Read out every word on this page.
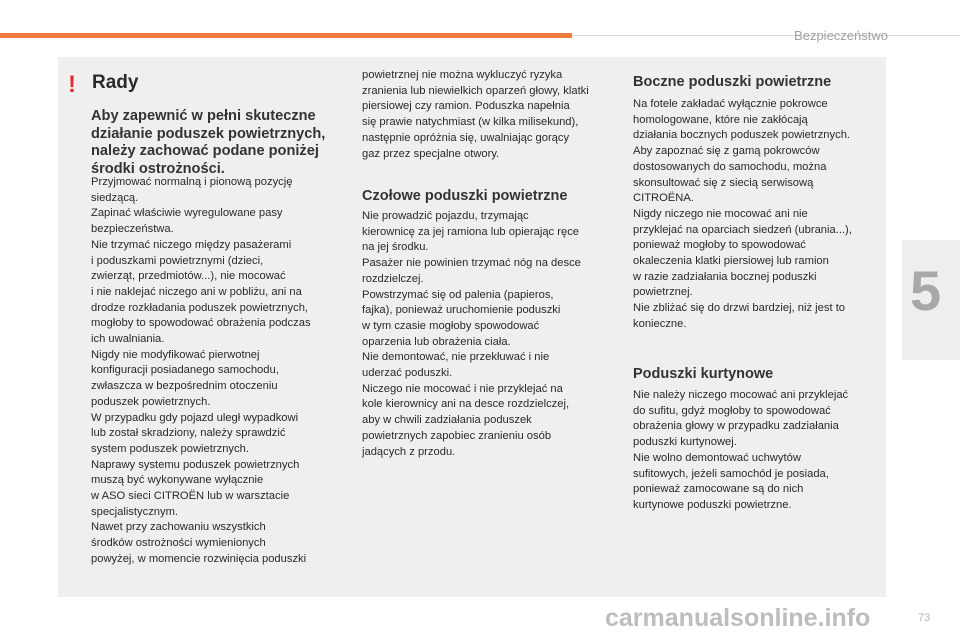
Bezpieczeństwo
5
! Rady
Aby zapewnić w pełni skuteczne działanie poduszek powietrznych, należy zachować podane poniżej środki ostrożności.

Przyjmować normalną i pionową pozycję

siedzącą.

Zapinać właściwie wyregulowane pasy

bezpieczeństwa.

Nie trzymać niczego między pasażerami

i poduszkami powietrznymi (dzieci,

zwierząt, przedmiotów...), nie mocować

i nie naklejać niczego ani w pobliżu, ani na

drodze rozkładania poduszek powietrznych,

mogłoby to spowodować obrażenia podczas

ich uwalniania.

Nigdy nie modyfikować pierwotnej

konfiguracji posiadanego samochodu,

zwłaszcza w bezpośrednim otoczeniu

poduszek powietrznych.

W przypadku gdy pojazd uległ wypadkowi

lub został skradziony, należy sprawdzić

system poduszek powietrznych.

Naprawy systemu poduszek powietrznych

muszą być wykonywane wyłącznie

w ASO sieci CITROËN lub w warsztacie

specjalistycznym.

Nawet przy zachowaniu wszystkich

środków ostrożności wymienionych

powyżej, w momencie rozwinięcia poduszki

powietrznej nie można wykluczyć ryzyka

zranienia lub niewielkich oparzeń głowy, klatki

piersiowej czy ramion. Poduszka napełnia

się prawie natychmiast (w kilka milisekund),

następnie opróżnia się, uwalniając gorący

gaz przez specjalne otwory.

Czołowe poduszki powietrzne

Nie prowadzić pojazdu, trzymając

kierownicę za jej ramiona lub opierając ręce

na jej środku.

Pasażer nie powinien trzymać nóg na desce

rozdzielczej.

Powstrzymać się od palenia (papieros,

fajka), ponieważ uruchomienie poduszki

w tym czasie mogłoby spowodować

oparzenia lub obrażenia ciała.

Nie demontować, nie przekłuwać i nie

uderzać poduszki.

Niczego nie mocować i nie przyklejać na

kole kierownicy ani na desce rozdzielczej,

aby w chwili zadziałania poduszek

powietrznych zapobiec zranieniu osób

jadących z przodu.

Boczne poduszki powietrzne

Na fotele zakładać wyłącznie pokrowce

homologowane, które nie zakłócają

działania bocznych poduszek powietrznych.

Aby zapoznać się z gamą pokrowców

dostosowanych do samochodu, można

skonsultować się z siecią serwisową

CITROËNA.

Nigdy niczego nie mocować ani nie

przyklejać na oparciach siedzeń (ubrania...),

ponieważ mogłoby to spowodować

okaleczenia klatki piersiowej lub ramion

w razie zadziałania bocznej poduszki

powietrznej.

Nie zbliżać się do drzwi bardziej, niż jest to

konieczne.

Poduszki kurtynowe

Nie należy niczego mocować ani przyklejać

do sufitu, gdyż mogłoby to spowodować

obrażenia głowy w przypadku zadziałania

poduszki kurtynowej.

Nie wolno demontować uchwytów

sufitowych, jeżeli samochód je posiada,

ponieważ zamocowane są do nich

kurtynowe poduszki powietrzne.

carmanualsonline.info	73
